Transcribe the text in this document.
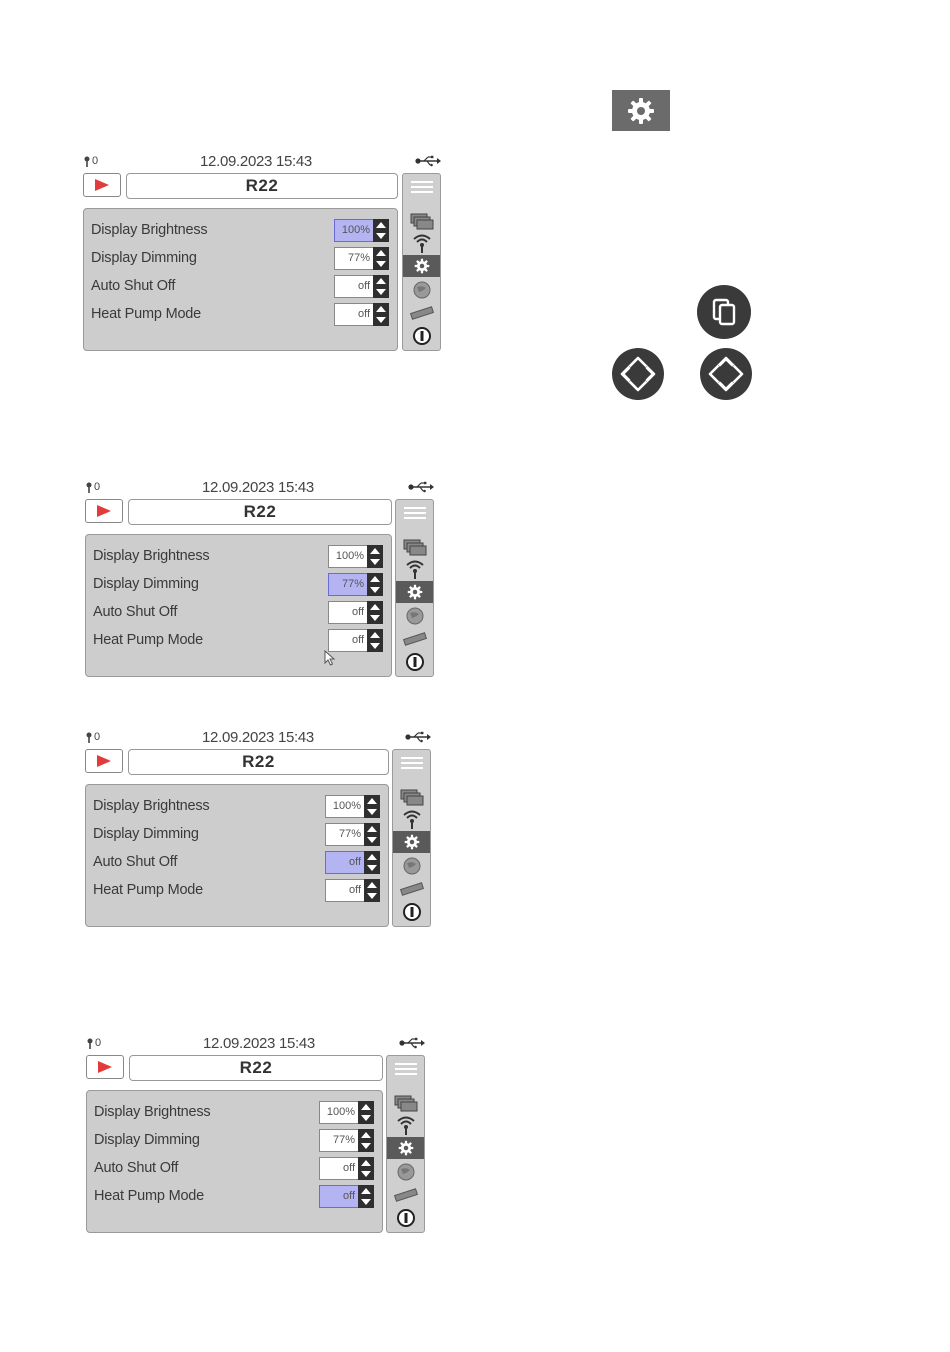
0	12.09.2023 15:43
R22
Display Brightness	100%
Display Dimming	77%
Auto Shut Off	off
Heat Pump Mode	off
0	12.09.2023 15:43
R22
Display Brightness	100%
Display Dimming	77%
Auto Shut Off	off
Heat Pump Mode	off
0	12.09.2023 15:43
R22
Display Brightness	100%
Display Dimming	77%
Auto Shut Off	off
Heat Pump Mode	off
0	12.09.2023 15:43
R22
Display Brightness	100%
Display Dimming	77%
Auto Shut Off	off
Heat Pump Mode	off
